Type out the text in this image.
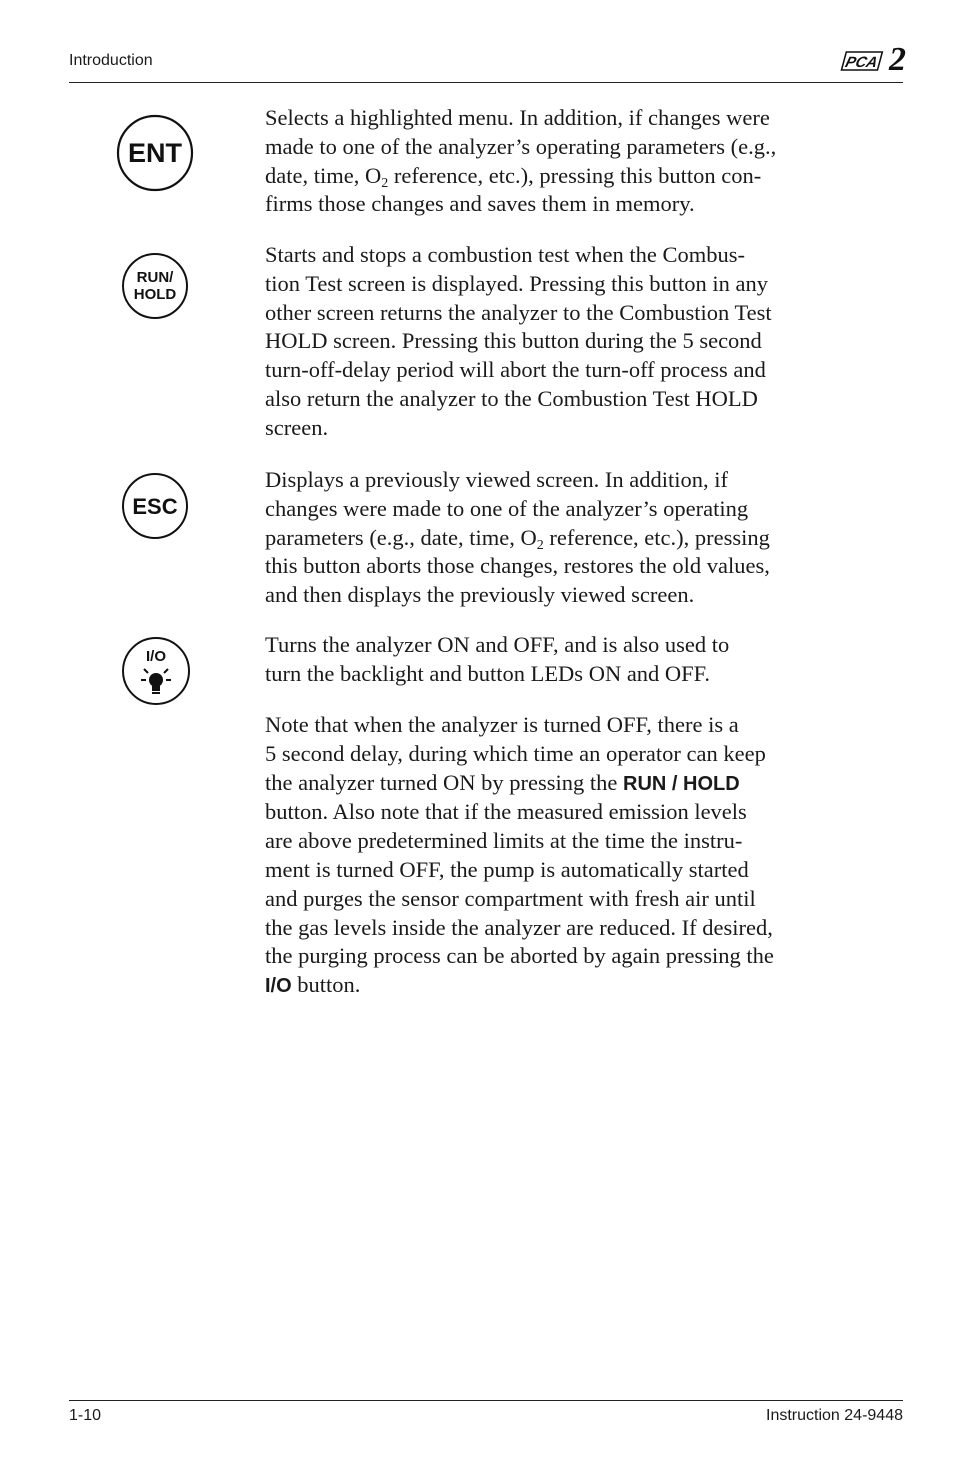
Introduction	PCA 2
ENT

Selects a highlighted menu. In addition, if changes were
made to one of the analyzer’s operating parameters (e.g.,
date, time, $O_2$ reference, etc.), pressing this button con-
firms those changes and saves them in memory.

RUN/
HOLD

Starts and stops a combustion test when the Combus-
tion Test screen is displayed. Pressing this button in any
other screen returns the analyzer to the Combustion Test
HOLD screen. Pressing this button during the 5 second
turn-off-delay period will abort the turn-off process and
also return the analyzer to the Combustion Test HOLD
screen.

ESC

Displays a previously viewed screen. In addition, if
changes were made to one of the analyzer’s operating
parameters (e.g., date, time, $O_2$ reference, etc.), pressing
this button aborts those changes, restores the old values,
and then displays the previously viewed screen.

I/O	Turns the analyzer ON and OFF, and is also used to
turn the backlight and button LEDs ON and OFF.

Note that when the analyzer is turned OFF, there is a
5 second delay, during which time an operator can keep
the analyzer turned ON by pressing the RUN / HOLD
button. Also note that if the measured emission levels
are above predetermined limits at the time the instru-
ment is turned OFF, the pump is automatically started
and purges the sensor compartment with fresh air until
the gas levels inside the analyzer are reduced. If desired,
the purging process can be aborted by again pressing the
I/O button.

1-10	Instruction 24-9448
